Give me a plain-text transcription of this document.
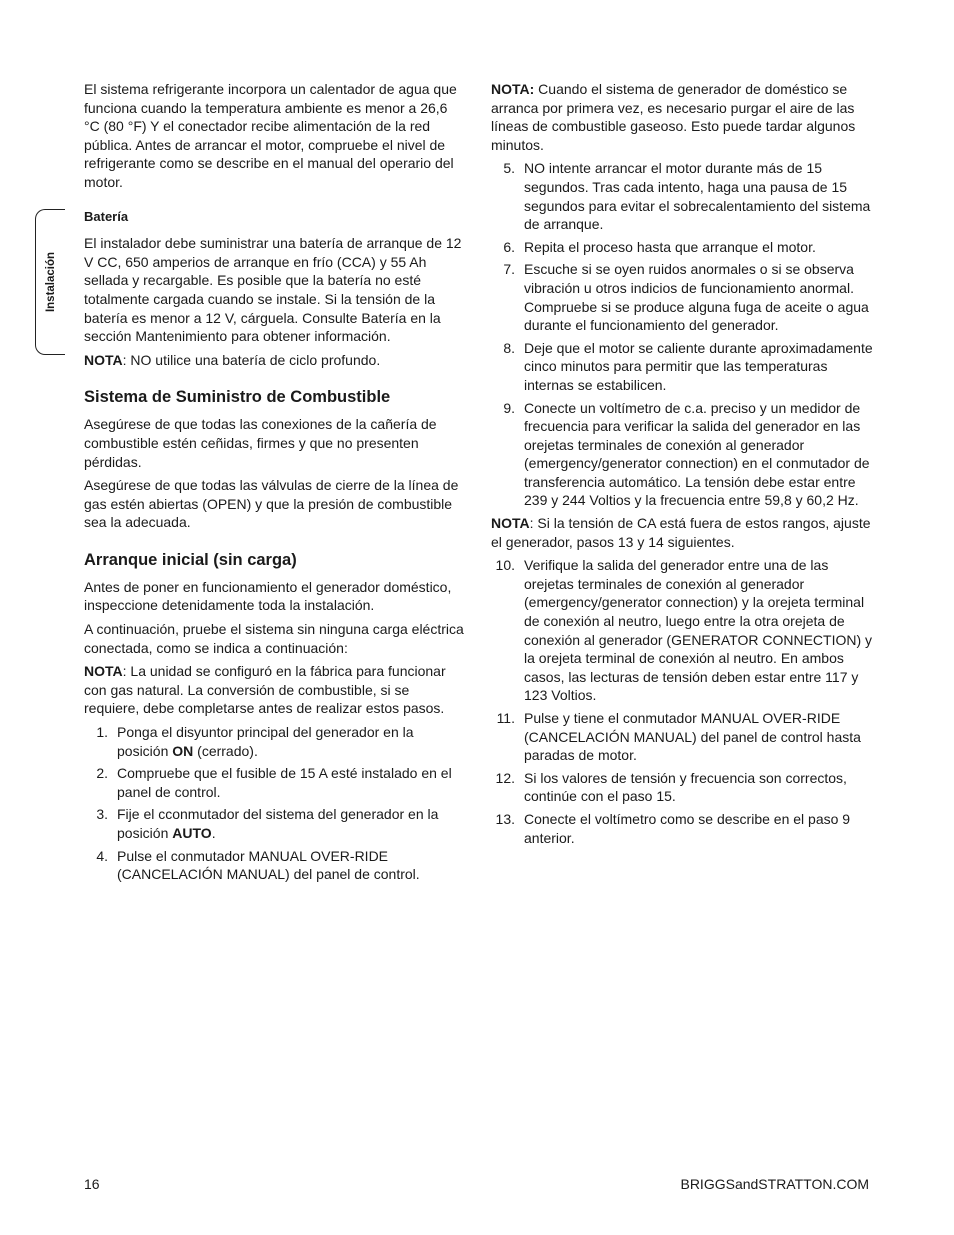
Instalación

El sistema refrigerante incorpora un calentador de agua que funciona cuando la temperatura ambiente es menor a 26,6 °C (80 °F) Y el conectador recibe alimentación de la red pública. Antes de arrancar el motor, compruebe el nivel de refrigerante como se describe en el manual del operario del motor.

Batería

El instalador debe suministrar una batería de arranque de 12 V CC, 650 amperios de arranque en frío (CCA) y 55 Ah sellada y recargable. Es posible que la batería no esté totalmente cargada cuando se instale. Si la tensión de la batería es menor a 12 V, cárguela. Consulte Batería en la sección Mantenimiento para obtener información.

NOTA: NO utilice una batería de ciclo profundo.

Sistema de Suministro de Combustible

Asegúrese de que todas las conexiones de la cañería de combustible estén ceñidas, firmes y que no presenten pérdidas.

Asegúrese de que todas las válvulas de cierre de la línea de gas estén abiertas (OPEN) y que la presión de combustible sea la adecuada.

Arranque inicial (sin carga)

Antes de poner en funcionamiento el generador doméstico, inspeccione detenidamente toda la instalación.

A continuación, pruebe el sistema sin ninguna carga eléctrica conectada, como se indica a continuación:

NOTA: La unidad se configuró en la fábrica para funcionar con gas natural. La conversión de combustible, si se requiere, debe completarse antes de realizar estos pasos.

1. Ponga el disyuntor principal del generador en la posición ON (cerrado).
2. Compruebe que el fusible de 15 A esté instalado en el panel de control.
3. Fije el cconmutador del sistema del generador en la posición AUTO.
4. Pulse el conmutador MANUAL OVER-RIDE (CANCELACIÓN MANUAL) del panel de control.

NOTA: Cuando el sistema de generador de doméstico se arranca por primera vez, es necesario purgar el aire de las líneas de combustible gaseoso. Esto puede tardar algunos minutos.

5. NO intente arrancar el motor durante más de 15 segundos. Tras cada intento, haga una pausa de 15 segundos para evitar el sobrecalentamiento del sistema de arranque.
6. Repita el proceso hasta que arranque el motor.
7. Escuche si se oyen ruidos anormales o si se observa vibración u otros indicios de funcionamiento anormal. Compruebe si se produce alguna fuga de aceite o agua durante el funcionamiento del generador.
8. Deje que el motor se caliente durante aproximadamente cinco minutos para permitir que las temperaturas internas se estabilicen.
9. Conecte un voltímetro de c.a. preciso y un medidor de frecuencia para verificar la salida del generador en las orejetas terminales de conexión al generador (emergency/generator connection) en el conmutador de transferencia automático. La tensión debe estar entre 239 y 244 Voltios y la frecuencia entre 59,8 y 60,2 Hz.

NOTA: Si la tensión de CA está fuera de estos rangos, ajuste el generador, pasos 13 y 14 siguientes.

10. Verifique la salida del generador entre una de las orejetas terminales de conexión al generador (emergency/generator connection) y la orejeta terminal de conexión al neutro, luego entre la otra orejeta de conexión al generador (GENERATOR CONNECTION) y la orejeta terminal de conexión al neutro. En ambos casos, las lecturas de tensión deben estar entre 117 y 123 Voltios.
11. Pulse y tiene el conmutador MANUAL OVER-RIDE (CANCELACIÓN MANUAL) del panel de control hasta paradas de motor.
12. Si los valores de tensión y frecuencia son correctos, continúe con el paso 15.
13. Conecte el voltímetro como se describe en el paso 9 anterior.
16	BRIGGSandSTRATTON.COM
